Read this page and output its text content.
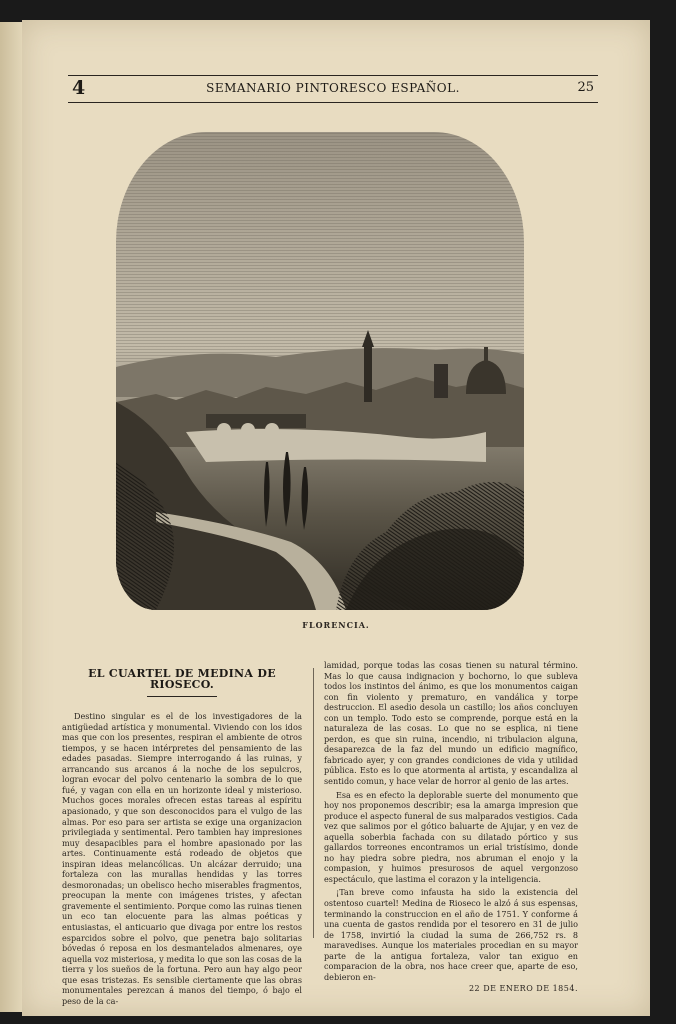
4	SEMANARIO PINTORESCO ESPAÑOL.	25
FLORENCIA.
EL CUARTEL DE MEDINA DE RIOSECO.

Destino singular es el de los investigadores de la antigüedad artística y monumental. Viviendo con los idos mas que con los presentes, respiran el ambiente de otros tiempos, y se hacen intérpretes del pensamiento de las edades pasadas. Siempre interrogando á las ruinas, y arrancando sus arcanos á la noche de los sepulcros, logran evocar del polvo centenario la sombra de lo que fué, y vagan con ella en un horizonte ideal y misterioso. Muchos goces morales ofrecen estas tareas al espíritu apasionado, y que son desconocidos para el vulgo de las almas. Por eso para ser artista se exige una organizacion privilegiada y sentimental. Pero tambien hay impresiones muy desapacibles para el hombre apasionado por las artes. Continuamente está rodeado de objetos que inspiran ideas melancólicas. Un alcázar derruido; una fortaleza con las murallas hendidas y las torres desmoronadas; un obelisco hecho miserables fragmentos, preocupan la mente con imágenes tristes, y afectan gravemente el sentimiento. Porque como las ruinas tienen un eco tan elocuente para las almas poéticas y entusiastas, el anticuario que divaga por entre los restos esparcidos sobre el polvo, que penetra bajo solitarias bóvedas ó reposa en los desmantelados almenares, oye aquella voz misteriosa, y medita lo que son las cosas de la tierra y los sueños de la fortuna. Pero aun hay algo peor que esas tristezas. Es sensible ciertamente que las obras monumentales perezcan á manos del tiempo, ó bajo el peso de la ca-

lamidad, porque todas las cosas tienen su natural término. Mas lo que causa indignacion y bochorno, lo que subleva todos los instintos del ánimo, es que los monumentos caigan con fin violento y prematuro, en vandálica y torpe destruccion. El asedio desola un castillo; los años concluyen con un templo. Todo esto se comprende, porque está en la naturaleza de las cosas. Lo que no se esplica, ni tiene perdon, es que sin ruina, incendio, ni tribulacion alguna, desaparezca de la faz del mundo un edificio magnífico, fabricado ayer, y con grandes condiciones de vida y utilidad pública. Esto es lo que atormenta al artista, y escandaliza al sentido comun, y hace velar de horror al genio de las artes.

Esa es en efecto la deplorable suerte del monumento que hoy nos proponemos describir; esa la amarga impresion que produce el aspecto funeral de sus malparados vestigios. Cada vez que salimos por el gótico baluarte de Ajujar, y en vez de aquella soberbia fachada con su dilatado pórtico y sus gallardos torreones encontramos un erial tristísimo, donde no hay piedra sobre piedra, nos abruman el enojo y la compasion, y huimos presurosos de aquel vergonzoso espectáculo, que lastima el corazon y la inteligencia.

¡Tan breve como infausta ha sido la existencia del ostentoso cuartel! Medina de Rioseco le alzó á sus espensas, terminando la construccion en el año de 1751. Y conforme á una cuenta de gastos rendida por el tesorero en 31 de julio de 1758, invirtió la ciudad la suma de 266,752 rs. 8 maravedises. Aunque los materiales procedian en su mayor parte de la antigua fortaleza, valor tan exiguo en comparacion de la obra, nos hace creer que, aparte de eso, debieron en-

22 DE ENERO DE 1854.
